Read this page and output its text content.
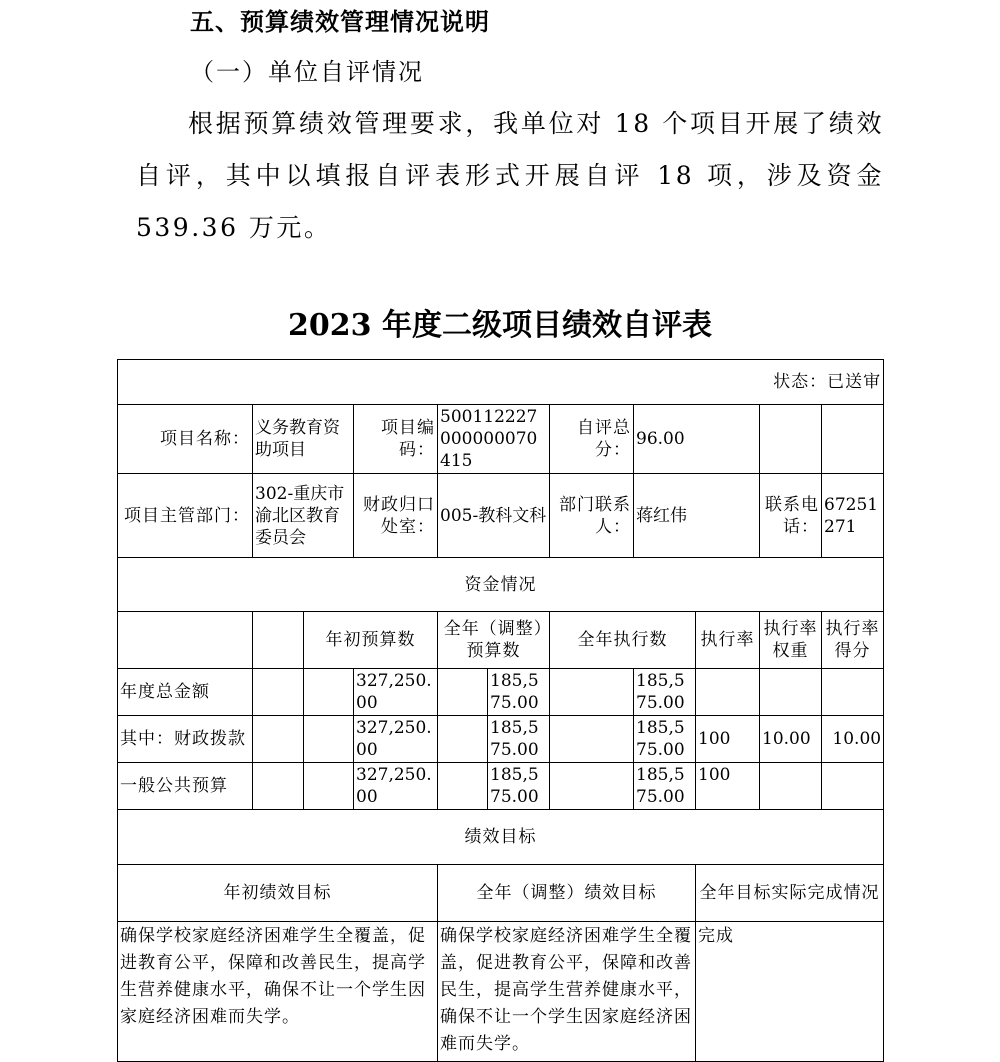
五、预算绩效管理情况说明
（一）单位自评情况

根据预算绩效管理要求，我单位对 18 个项目开展了绩效自评，其中以填报自评表形式开展自评 18 项，涉及资金 539.36 万元。

2023 年度二级项目绩效自评表
状态：已送审										
项目名称：	义务教育资助项目		项目编码：	500112227000000070415		自评总分：	96.00			
项目主管部门：	302-重庆市渝北区教育委员会		财政归口处室：	005-教科文科		部门联系人：	蒋红伟		联系电话：	67251271
资金情况										
		年初预算数		全年（调整）预算数		全年执行数		执行率	执行率权重	执行率得分
年度总金额			327,250.00		185,575.00		185,575.00			
其中：财政拨款			327,250.00		185,575.00		185,575.00	100	10.00	10.00
一般公共预算			327,250.00		185,575.00		185,575.00	100		
绩效目标										
年初绩效目标				全年（调整）绩效目标				全年目标实际完成情况		
确保学校家庭经济困难学生全覆盖，促进教育公平，保障和改善民生，提高学生营养健康水平，确保不让一个学生因家庭经济困难而失学。				确保学校家庭经济困难学生全覆盖，促进教育公平，保障和改善民生，提高学生营养健康水平，确保不让一个学生因家庭经济困难而失学。				完成		
